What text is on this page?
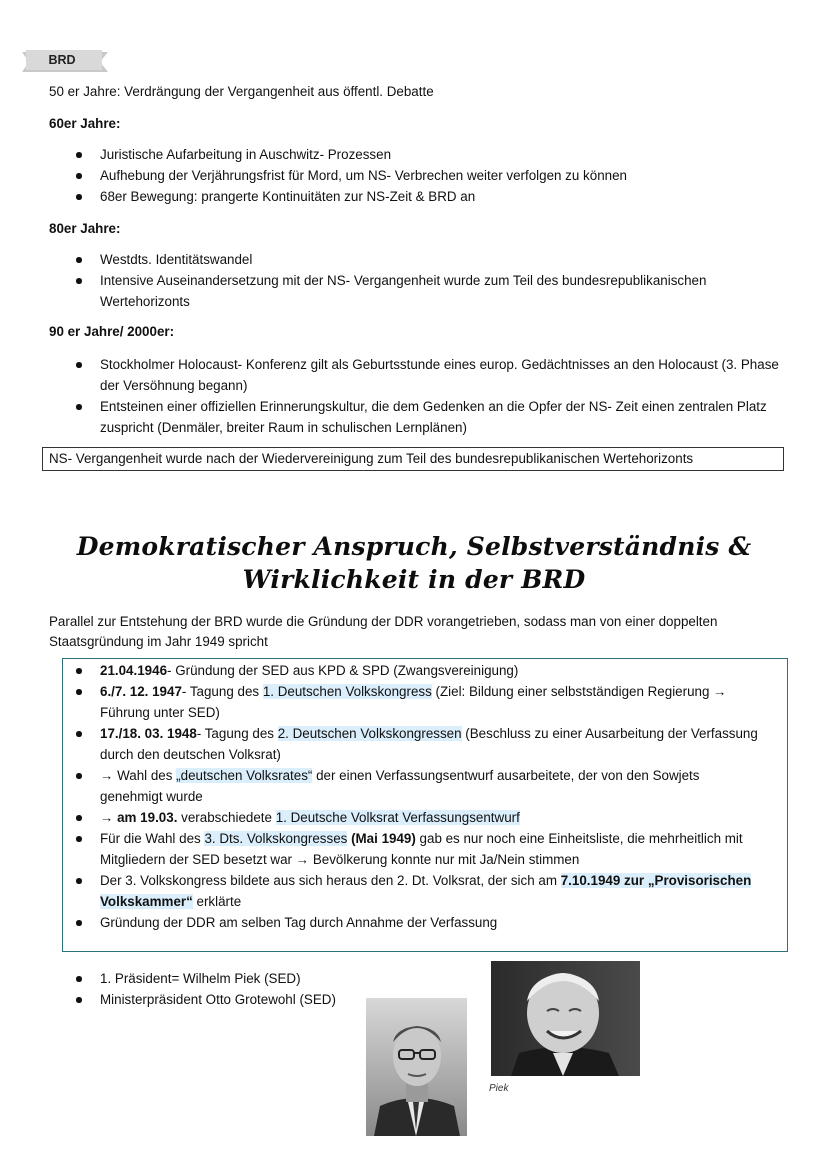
BRD
50 er Jahre: Verdrängung der Vergangenheit aus öffentl. Debatte
60er Jahre:
Juristische Aufarbeitung in Auschwitz- Prozessen
Aufhebung der Verjährungsfrist für Mord, um NS- Verbrechen weiter verfolgen zu können
68er Bewegung: prangerte Kontinuitäten zur NS-Zeit & BRD an
80er Jahre:
Westdts. Identitätswandel
Intensive Auseinandersetzung mit der NS- Vergangenheit wurde zum Teil des bundesrepublikanischen Wertehorizonts
90 er Jahre/ 2000er:
Stockholmer Holocaust- Konferenz gilt als Geburtsstunde eines europ. Gedächtnisses an den Holocaust (3. Phase der Versöhnung begann)
Entsteinen einer offiziellen Erinnerungskultur, die dem Gedenken an die Opfer der NS- Zeit einen zentralen Platz zuspricht (Denmäler, breiter Raum in schulischen Lernplänen)
NS- Vergangenheit wurde nach der Wiedervereinigung zum Teil des bundesrepublikanischen Wertehorizonts
Demokratischer Anspruch, Selbstverständnis &
Wirklichkeit in der BRD
Parallel zur Entstehung der BRD wurde die Gründung der DDR vorangetrieben, sodass man von einer doppelten Staatsgründung im Jahr 1949 spricht
21.04.1946- Gründung der SED aus KPD & SPD (Zwangsvereinigung)
6./7. 12. 1947- Tagung des 1. Deutschen Volkskongress (Ziel: Bildung einer selbstständigen Regierung → Führung unter SED)
17./18. 03. 1948- Tagung des 2. Deutschen Volkskongressen (Beschluss zu einer Ausarbeitung der Verfassung durch den deutschen Volksrat)
→ Wahl des „deutschen Volksrates“ der einen Verfassungsentwurf ausarbeitete, der von den Sowjets genehmigt wurde
→ am 19.03. verabschiedete 1. Deutsche Volksrat Verfassungsentwurf
Für die Wahl des 3. Dts. Volkskongresses (Mai 1949) gab es nur noch eine Einheitsliste, die mehrheitlich mit Mitgliedern der SED besetzt war → Bevölkerung konnte nur mit Ja/Nein stimmen
Der 3. Volkskongress bildete aus sich heraus den 2. Dt. Volksrat, der sich am 7.10.1949 zur „Provisorischen Volkskammer“ erklärte
Gründung der DDR am selben Tag durch Annahme der Verfassung
1. Präsident= Wilhelm Piek (SED)
Ministerpräsident Otto Grotewohl (SED)
Piek
